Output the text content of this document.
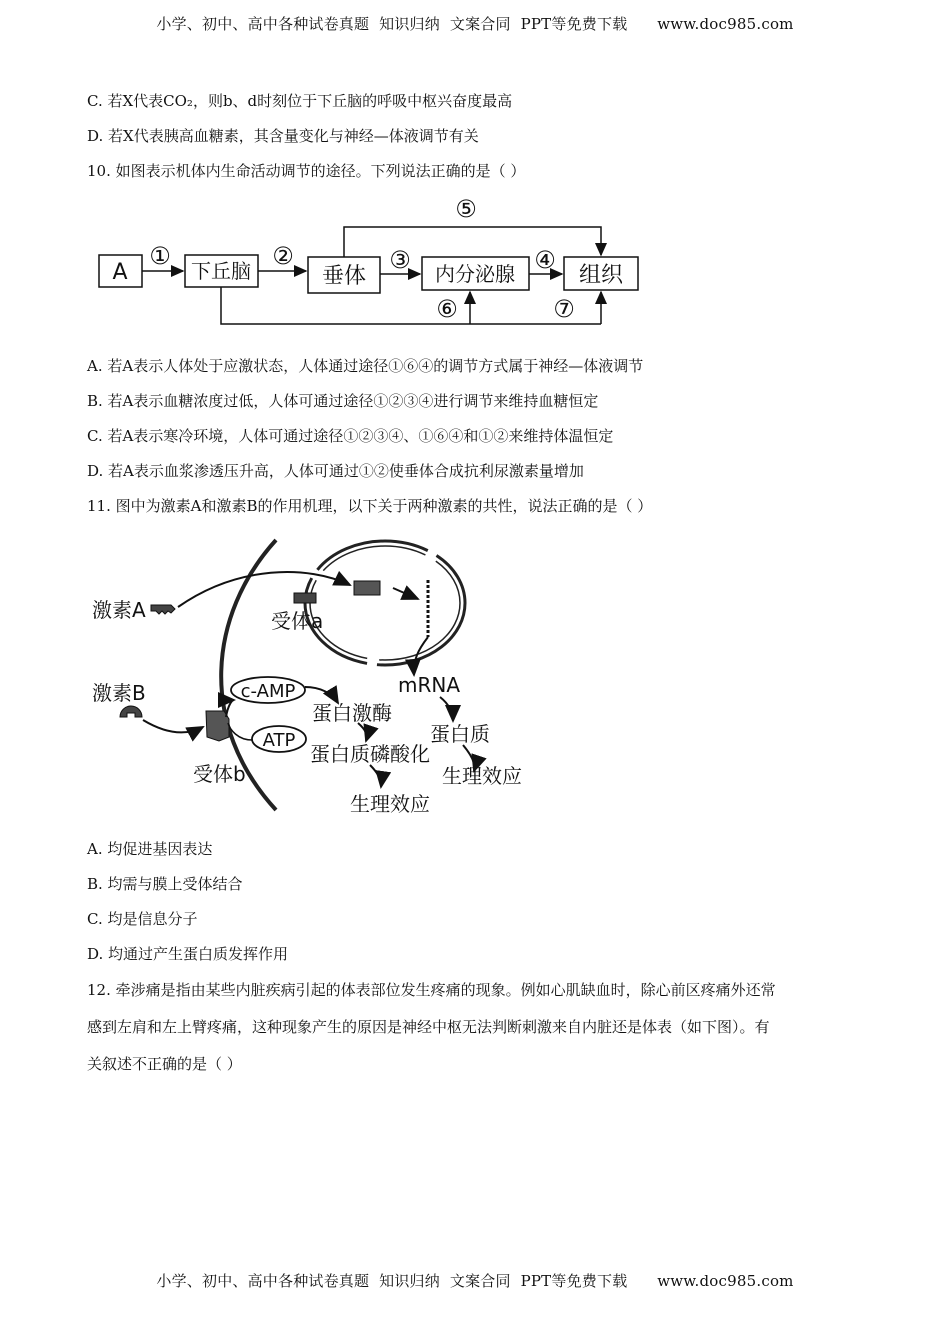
小学、初中、高中各种试卷真题  知识归纳  文案合同  PPT等免费下载      www.doc985.com
C. 若X代表CO₂，则b、d时刻位于下丘脑的呼吸中枢兴奋度最高
D. 若X代表胰高血糖素，其含量变化与神经—体液调节有关
10. 如图表示机体内生命活动调节的途径。下列说法正确的是（ ）
A	下丘脑	垂体	内分泌腺	组织
①	②	③	④
⑤
⑥	⑦
A. 若A表示人体处于应激状态，人体通过途径①⑥④的调节方式属于神经—体液调节
B. 若A表示血糖浓度过低，人体可通过途径①②③④进行调节来维持血糖恒定
C. 若A表示寒冷环境，人体可通过途径①②③④、①⑥④和①②来维持体温恒定
D. 若A表示血浆渗透压升高，人体可通过①②使垂体合成抗利尿激素量增加
11. 图中为激素A和激素B的作用机理，以下关于两种激素的共性，说法正确的是（ ）
激素A	受体a
mRNA
蛋白质
生理效应
激素B
受体b
c-AMP
ATP
蛋白激酶
蛋白质磷酸化
生理效应
A. 均促进基因表达
B. 均需与膜上受体结合
C. 均是信息分子
D. 均通过产生蛋白质发挥作用
12. 牵涉痛是指由某些内脏疾病引起的体表部位发生疼痛的现象。例如心肌缺血时，除心前区疼痛外还常
感到左肩和左上臂疼痛，这种现象产生的原因是神经中枢无法判断刺激来自内脏还是体表（如下图）。有
关叙述不正确的是（ ）
小学、初中、高中各种试卷真题  知识归纳  文案合同  PPT等免费下载      www.doc985.com
